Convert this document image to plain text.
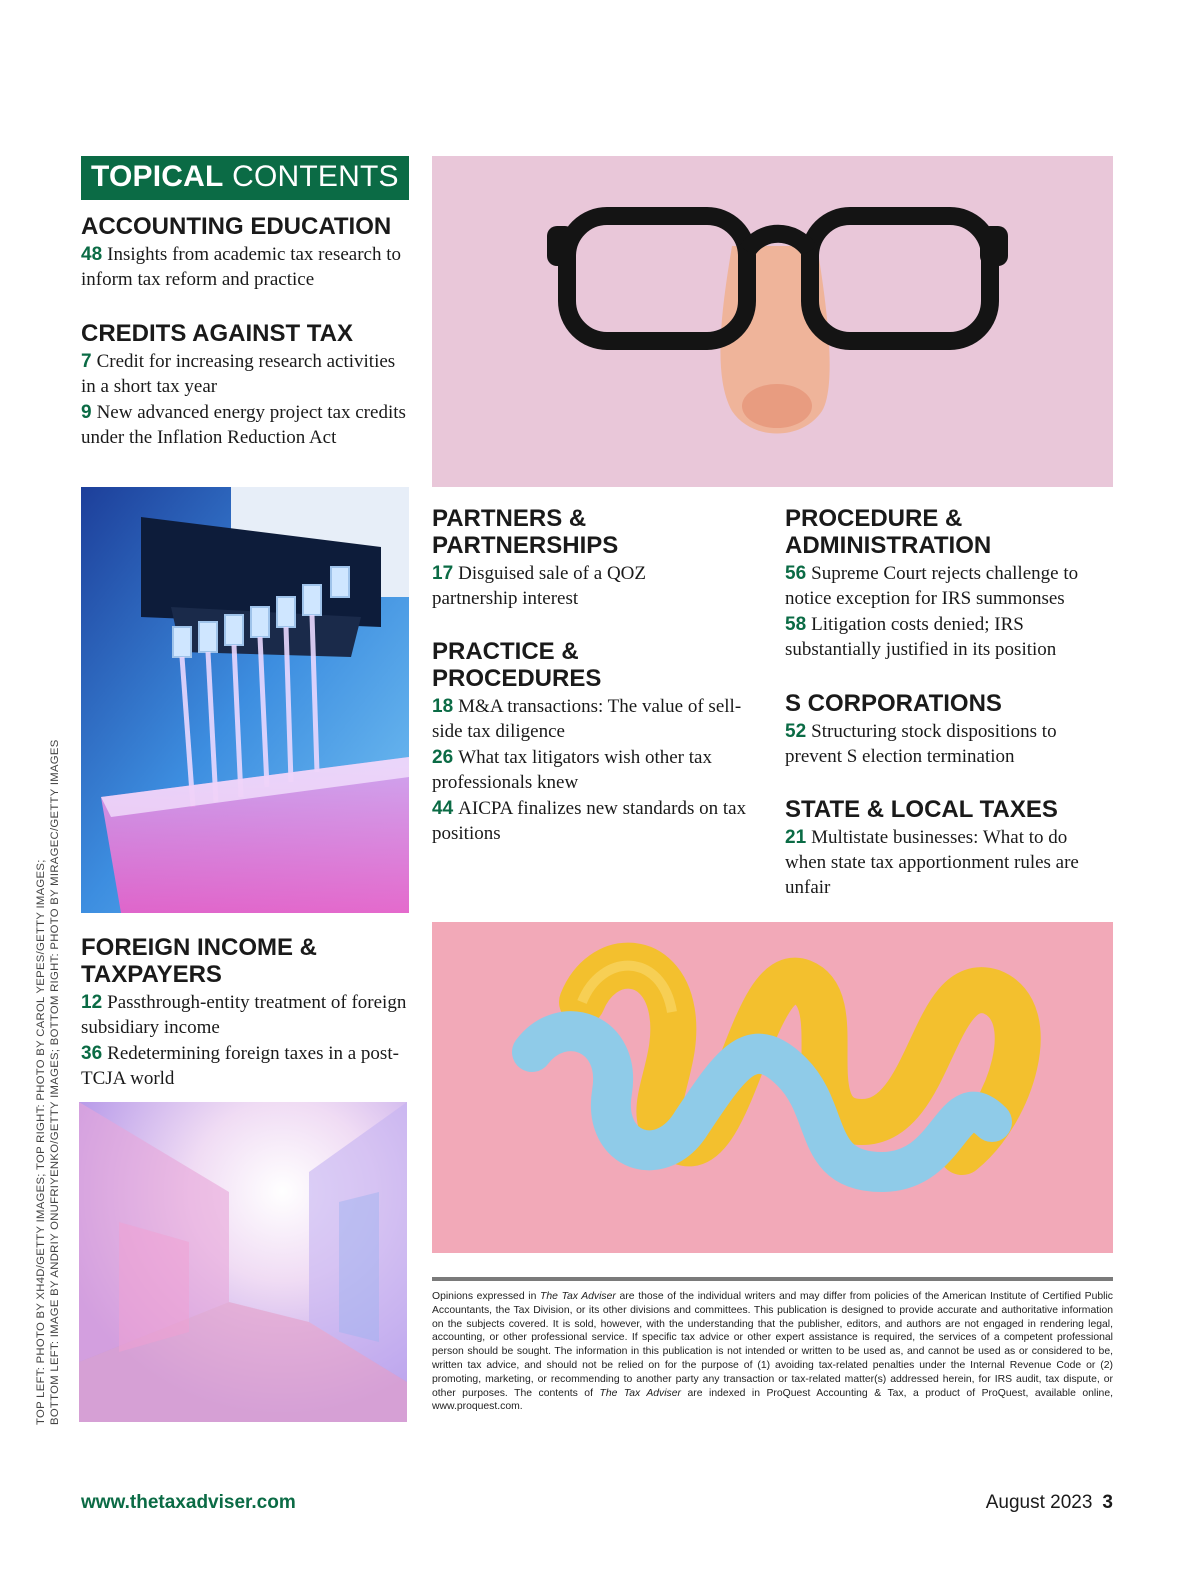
TOPICAL CONTENTS
ACCOUNTING EDUCATION
48 Insights from academic tax research to inform tax reform and practice
CREDITS AGAINST TAX
7 Credit for increasing research activities in a short tax year
9 New advanced energy project tax credits under the Inflation Reduction Act
FOREIGN INCOME & TAXPAYERS
12 Passthrough-entity treatment of foreign subsidiary income
36 Redetermining foreign taxes in a post-TCJA world
PARTNERS & PARTNERSHIPS
17 Disguised sale of a QOZ partnership interest
PRACTICE & PROCEDURES
18 M&A transactions: The value of sell-side tax diligence
26 What tax litigators wish other tax professionals knew
44 AICPA finalizes new standards on tax positions
PROCEDURE & ADMINISTRATION
56 Supreme Court rejects challenge to notice exception for IRS summonses
58 Litigation costs denied; IRS substantially justified in its position
S CORPORATIONS
52 Structuring stock dispositions to prevent S election termination
STATE & LOCAL TAXES
21 Multistate businesses: What to do when state tax apportionment rules are unfair
Opinions expressed in The Tax Adviser are those of the individual writers and may differ from policies of the American Institute of Certified Public Accountants, the Tax Division, or its other divisions and committees. This publication is designed to provide accurate and authoritative information on the subjects covered. It is sold, however, with the understanding that the publisher, editors, and authors are not engaged in rendering legal, accounting, or other professional service. If specific tax advice or other expert assistance is required, the services of a competent professional person should be sought. The information in this publication is not intended or written to be used as, and cannot be used as or considered to be, written tax advice, and should not be relied on for the purpose of (1) avoiding tax-related penalties under the Internal Revenue Code or (2) promoting, marketing, or recommending to another party any transaction or tax-related matter(s) addressed herein, for IRS audit, tax dispute, or other purposes. The contents of The Tax Adviser are indexed in ProQuest Accounting & Tax, a product of ProQuest, available online, www.proquest.com.
TOP LEFT: PHOTO BY XH4D/GETTY IMAGES; TOP RIGHT: PHOTO BY CAROL YEPES/GETTY IMAGES; BOTTOM LEFT: IMAGE BY ANDRIY ONUFRIYENKO/GETTY IMAGES; BOTTOM RIGHT: PHOTO BY MIRAGEC/GETTY IMAGES
www.thetaxadviser.com	August 2023 3
